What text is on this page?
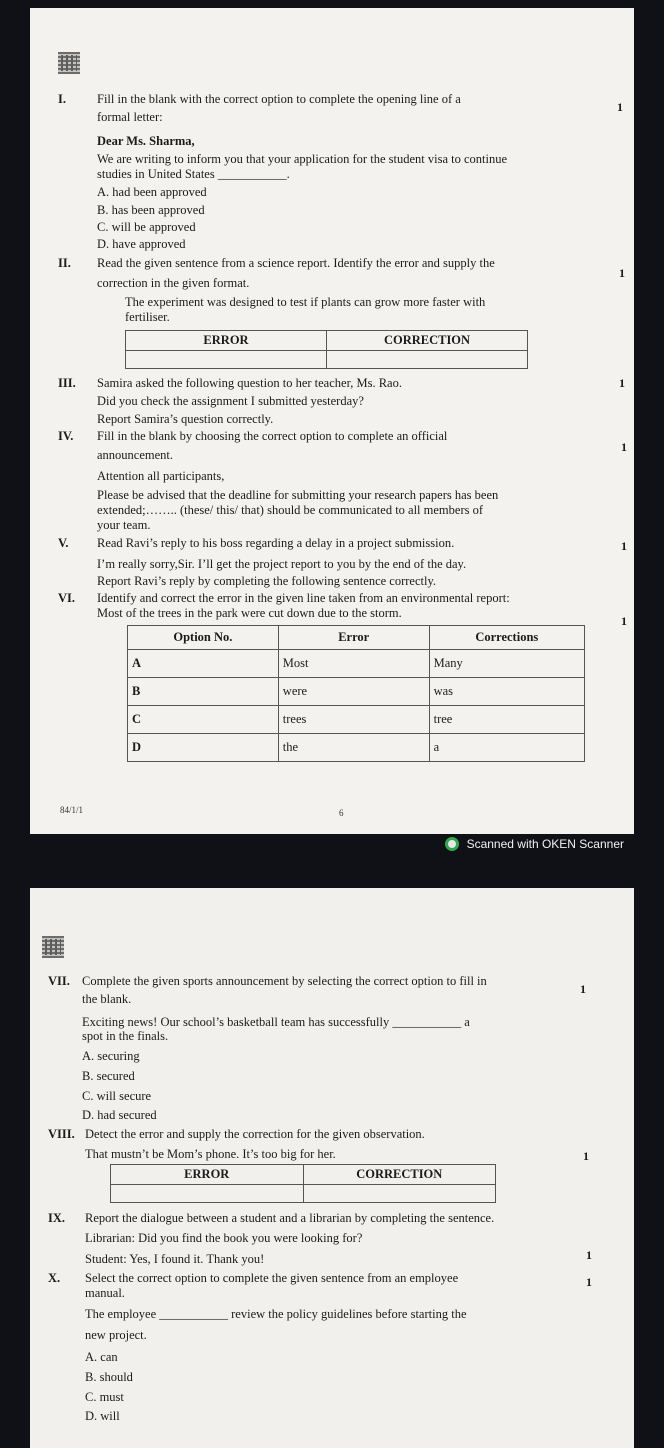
I. Fill in the blank with the correct option to complete the opening line of a
1
formal letter:
Dear Ms. Sharma,
We are writing to inform you that your application for the student visa to continue
studies in United States ___________.
A. had been approved
B. has been approved
C. will be approved
D. have approved
II. Read the given sentence from a science report. Identify the error and supply the
1
correction in the given format.
The experiment was designed to test if plants can grow more faster with
fertiliser.
ERROR	CORRECTION

III. Samira asked the following question to her teacher, Ms. Rao.	1
Did you check the assignment I submitted yesterday?
Report Samira’s question correctly.
IV. Fill in the blank by choosing the correct option to complete an official
1
announcement.
Attention all participants,
Please be advised that the deadline for submitting your research papers has been
extended;…….. (these/ this/ that) should be communicated to all members of
your team.
V. Read Ravi’s reply to his boss regarding a delay in a project submission.	1
I’m really sorry,Sir. I’ll get the project report to you by the end of the day.
Report Ravi’s reply by completing the following sentence correctly.
VI. Identify and correct the error in the given line taken from an environmental report:
Most of the trees in the park were cut down due to the storm.
1
Option No.	Error	Corrections
A	Most	Many
B	were	was
C	trees	tree
D	the	a
84/1/1	6
Scanned with OKEN Scanner
VII. Complete the given sports announcement by selecting the correct option to fill in
1
the blank.
Exciting news! Our school’s basketball team has successfully ___________ a
spot in the finals.
A. securing
B. secured
C. will secure
D. had secured
VIII. Detect the error and supply the correction for the given observation.
That mustn’t be Mom’s phone. It’s too big for her.	1
ERROR	CORRECTION

IX. Report the dialogue between a student and a librarian by completing the sentence.
Librarian: Did you find the book you were looking for?
Student: Yes, I found it. Thank you!	1
X. Select the correct option to complete the given sentence from an employee	1
manual.
The employee ___________ review the policy guidelines before starting the
new project.
A. can
B. should
C. must
D. will
